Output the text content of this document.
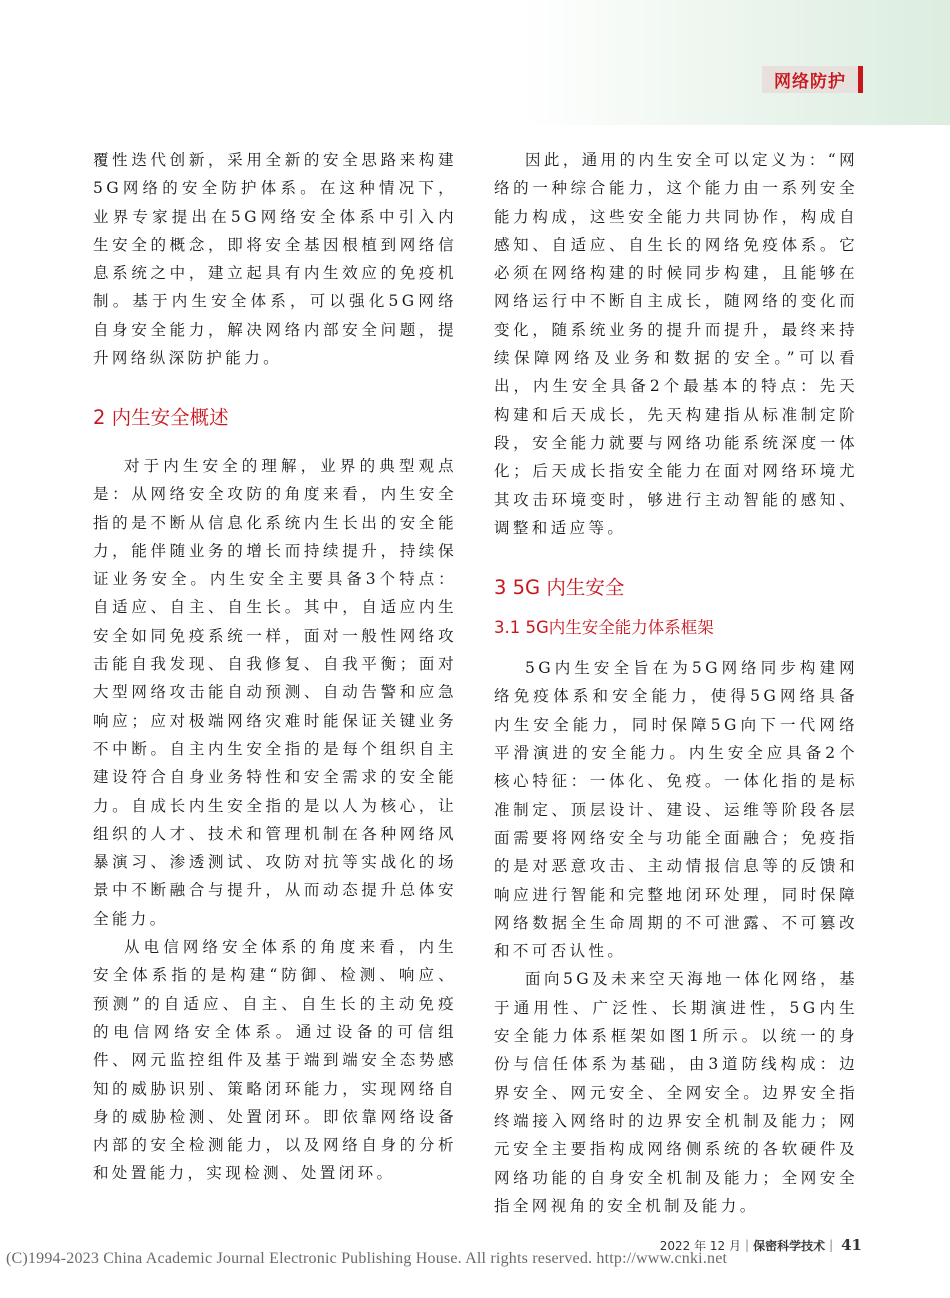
网络防护

覆性迭代创新，采用全新的安全思路来构建5G网络的安全防护体系。在这种情况下，业界专家提出在5G网络安全体系中引入内生安全的概念，即将安全基因根植到网络信息系统之中，建立起具有内生效应的免疫机制。基于内生安全体系，可以强化5G网络自身安全能力，解决网络内部安全问题，提升网络纵深防护能力。

2 内生安全概述

对于内生安全的理解，业界的典型观点是：从网络安全攻防的角度来看，内生安全指的是不断从信息化系统内生长出的安全能力，能伴随业务的增长而持续提升，持续保证业务安全。内生安全主要具备3个特点：自适应、自主、自生长。其中，自适应内生安全如同免疫系统一样，面对一般性网络攻击能自我发现、自我修复、自我平衡；面对大型网络攻击能自动预测、自动告警和应急响应；应对极端网络灾难时能保证关键业务不中断。自主内生安全指的是每个组织自主建设符合自身业务特性和安全需求的安全能力。自成长内生安全指的是以人为核心，让组织的人才、技术和管理机制在各种网络风暴演习、渗透测试、攻防对抗等实战化的场景中不断融合与提升，从而动态提升总体安全能力。

从电信网络安全体系的角度来看，内生安全体系指的是构建“防御、检测、响应、预测”的自适应、自主、自生长的主动免疫的电信网络安全体系。通过设备的可信组件、网元监控组件及基于端到端安全态势感知的威胁识别、策略闭环能力，实现网络自身的威胁检测、处置闭环。即依靠网络设备内部的安全检测能力，以及网络自身的分析和处置能力，实现检测、处置闭环。

因此，通用的内生安全可以定义为：“网络的一种综合能力，这个能力由一系列安全能力构成，这些安全能力共同协作，构成自感知、自适应、自生长的网络免疫体系。它必须在网络构建的时候同步构建，且能够在网络运行中不断自主成长，随网络的变化而变化，随系统业务的提升而提升，最终来持续保障网络及业务和数据的安全。”可以看出，内生安全具备2个最基本的特点：先天构建和后天成长，先天构建指从标准制定阶段，安全能力就要与网络功能系统深度一体化；后天成长指安全能力在面对网络环境尤其攻击环境变时，够进行主动智能的感知、调整和适应等。

3 5G 内生安全
3.1 5G内生安全能力体系框架

5G内生安全旨在为5G网络同步构建网络免疫体系和安全能力，使得5G网络具备内生安全能力，同时保障5G向下一代网络平滑演进的安全能力。内生安全应具备2个核心特征：一体化、免疫。一体化指的是标准制定、顶层设计、建设、运维等阶段各层面需要将网络安全与功能全面融合；免疫指的是对恶意攻击、主动情报信息等的反馈和响应进行智能和完整地闭环处理，同时保障网络数据全生命周期的不可泄露、不可篡改和不可否认性。

面向5G及未来空天海地一体化网络，基于通用性、广泛性、长期演进性，5G内生安全能力体系框架如图1所示。以统一的身份与信任体系为基础，由3道防线构成：边界安全、网元安全、全网安全。边界安全指终端接入网络时的边界安全机制及能力；网元安全主要指构成网络侧系统的各软硬件及网络功能的自身安全机制及能力；全网安全指全网视角的安全机制及能力。

2022 年 12 月 | 保密科学技术 | 41
(C)1994-2023 China Academic Journal Electronic Publishing House. All rights reserved. http://www.cnki.net
